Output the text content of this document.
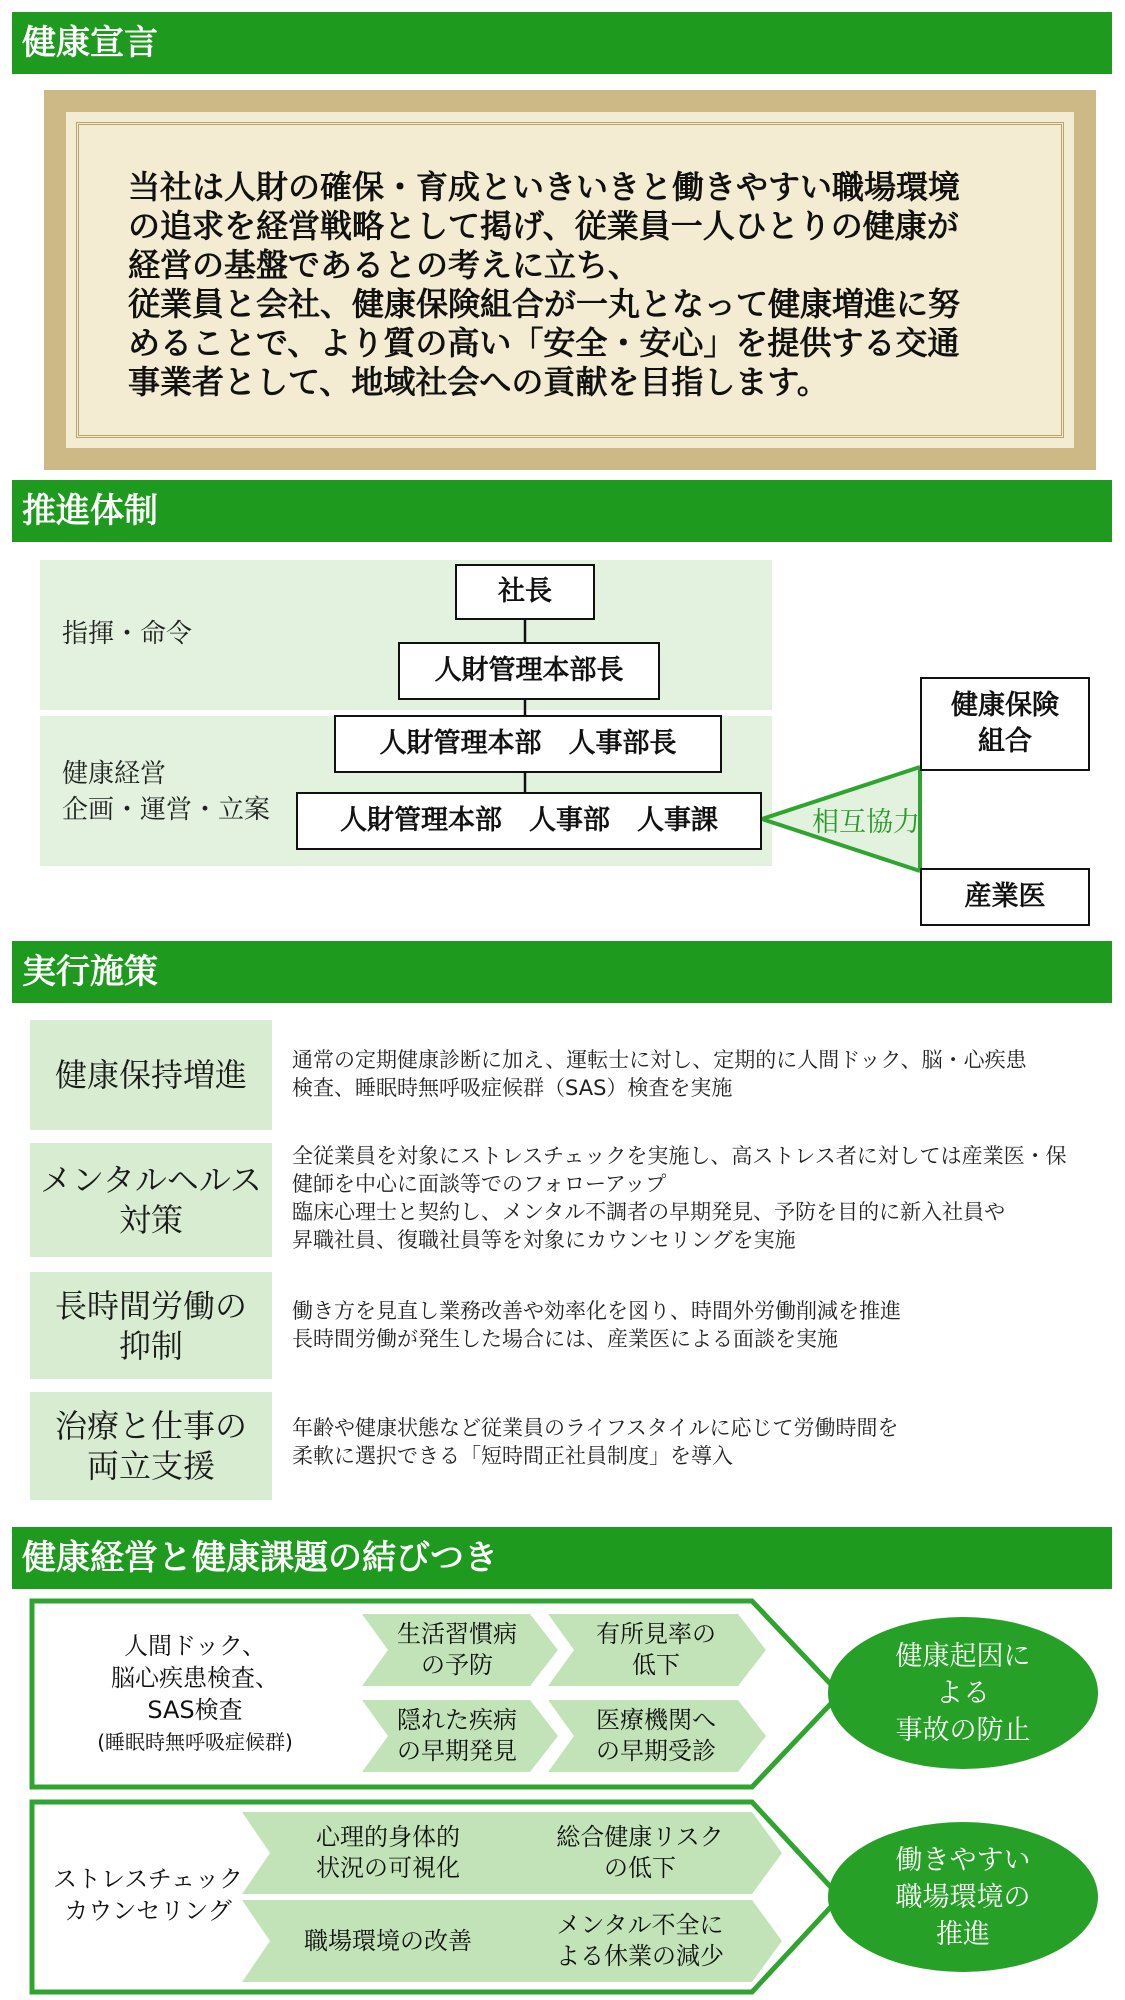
健康宣言
当社は人財の確保・育成といきいきと働きやすい職場環境
の追求を経営戦略として掲げ、従業員一人ひとりの健康が
経営の基盤であるとの考えに立ち、
従業員と会社、健康保険組合が一丸となって健康増進に努
めることで、より質の高い「安全・安心」を提供する交通
事業者として、地域社会への貢献を目指します。
推進体制
指揮・命令
健康経営
企画・運営・立案
社長
人財管理本部長
人財管理本部　人事部長
人財管理本部　人事部　人事課	相互協力
健康保険
組合
産業医
実行施策
健康保持増進 通常の定期健康診断に加え、運転士に対し、定期的に人間ドック、脳・心疾患
検査、睡眠時無呼吸症候群（SAS）検査を実施
メンタルヘルス
対策
全従業員を対象にストレスチェックを実施し、高ストレス者に対しては産業医・保
健師を中心に面談等でのフォローアップ
臨床心理士と契約し、メンタル不調者の早期発見、予防を目的に新入社員や
昇職社員、復職社員等を対象にカウンセリングを実施
長時間労働の
抑制
働き方を見直し業務改善や効率化を図り、時間外労働削減を推進
長時間労働が発生した場合には、産業医による面談を実施
治療と仕事の
両立支援
年齢や健康状態など従業員のライフスタイルに応じて労働時間を
柔軟に選択できる「短時間正社員制度」を導入
健康経営と健康課題の結びつき
人間ドック、
脳心疾患検査、
SAS検査
(睡眠時無呼吸症候群)
生活習慣病
の予防
有所見率の
低下
隠れた疾病
の早期発見
医療機関へ
の早期受診
健康起因に
よる
事故の防止
ストレスチェック
カウンセリング
心理的身体的
状況の可視化
総合健康リスク
の低下
職場環境の改善
メンタル不全に
よる休業の減少
働きやすい
職場環境の
推進
